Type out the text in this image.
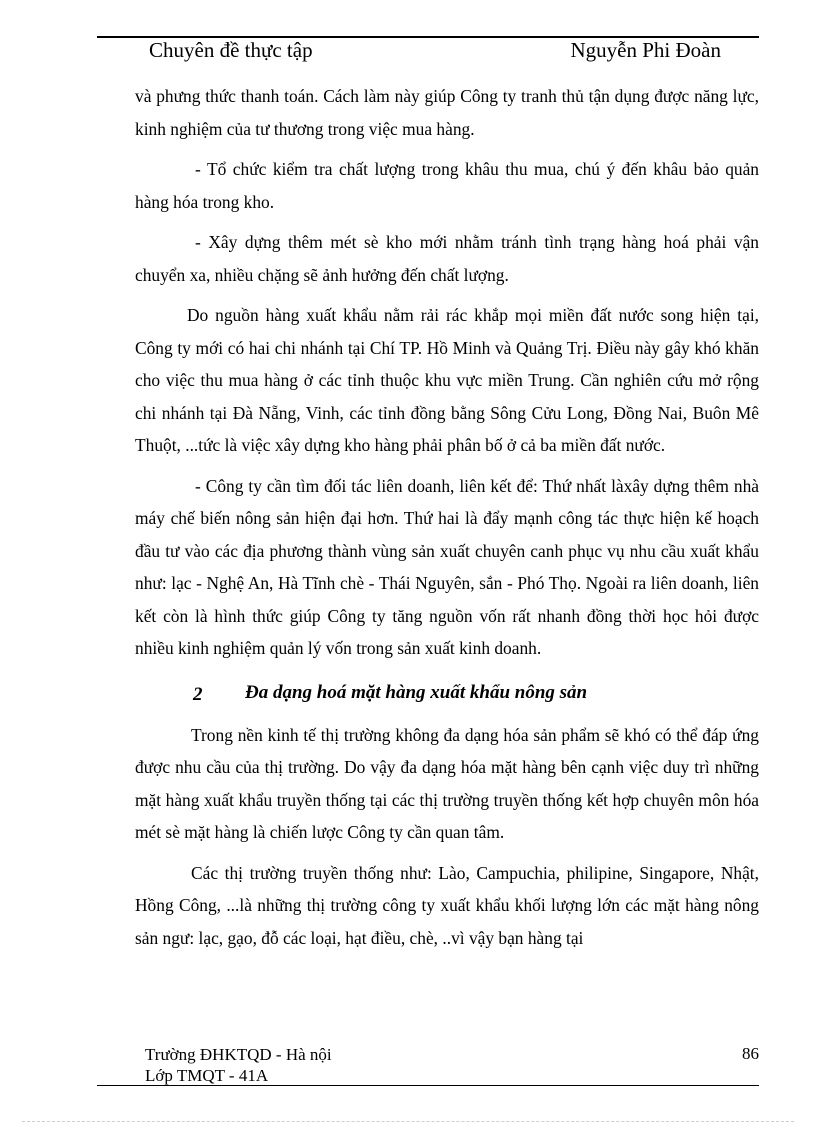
Chuyên đề thực tập	Nguyễn Phi Đoàn

và phưng thức thanh toán. Cách làm này giúp Công ty tranh thủ tận dụng được năng lực, kinh nghiệm của tư thương trong việc mua hàng.

- Tổ chức kiểm tra chất lượng trong khâu thu mua, chú ý đến khâu bảo quản hàng hóa trong kho.

- Xây dựng thêm mét sè kho mới nhằm tránh tình trạng hàng hoá phải vận chuyển xa, nhiều chặng sẽ ảnh hưởng đến chất lượng.

Do nguồn hàng xuất khẩu nằm rải rác khắp mọi miền đất nước song hiện tại, Công ty mới có hai chi nhánh tại Chí TP. Hồ Minh và Quảng Trị. Điều này gây khó khăn cho việc thu mua hàng ở các tỉnh thuộc khu vực miền Trung. Cần nghiên cứu mở rộng chi nhánh tại Đà Nẵng, Vinh, các tỉnh đồng bằng Sông Cửu Long, Đồng Nai, Buôn Mê Thuột, ...tức là việc xây dựng kho hàng phải phân bố ở cả ba miền đất nước.

- Công ty cần tìm đối tác liên doanh, liên kết để: Thứ nhất làxây dựng thêm nhà máy chế biến nông sản hiện đại hơn. Thứ hai là đẩy mạnh công tác thực hiện kế hoạch đầu tư vào các địa phương thành vùng sản xuất chuyên canh phục vụ nhu cầu xuất khẩu như: lạc - Nghệ An, Hà Tĩnh chè - Thái Nguyên, sắn - Phó Thọ. Ngoài ra liên doanh, liên kết còn là hình thức giúp Công ty tăng nguồn vốn rất nhanh đồng thời học hỏi được nhiều kinh nghiệm quản lý vốn trong sản xuất kinh doanh.

2 Đa dạng hoá mặt hàng xuất khẩu nông sản

Trong nền kinh tế thị trường không đa dạng hóa sản phẩm sẽ khó có thể đáp ứng được nhu cầu của thị trường. Do vậy đa dạng hóa mặt hàng bên cạnh việc duy trì những mặt hàng xuất khẩu truyền thống tại các thị trường truyền thống kết hợp chuyên môn hóa mét sè mặt hàng là chiến lược Công ty cần quan tâm.

Các thị trường truyền thống như: Lào, Campuchia, philipine, Singapore, Nhật, Hồng Công, ...là những thị trường công ty xuất khẩu khối lượng lớn các mặt hàng nông sản ngư: lạc, gạo, đỗ các loại, hạt điều, chè, ..vì vậy bạn hàng tại

Trường ĐHKTQD - Hà nội
Lớp TMQT - 41A
86
